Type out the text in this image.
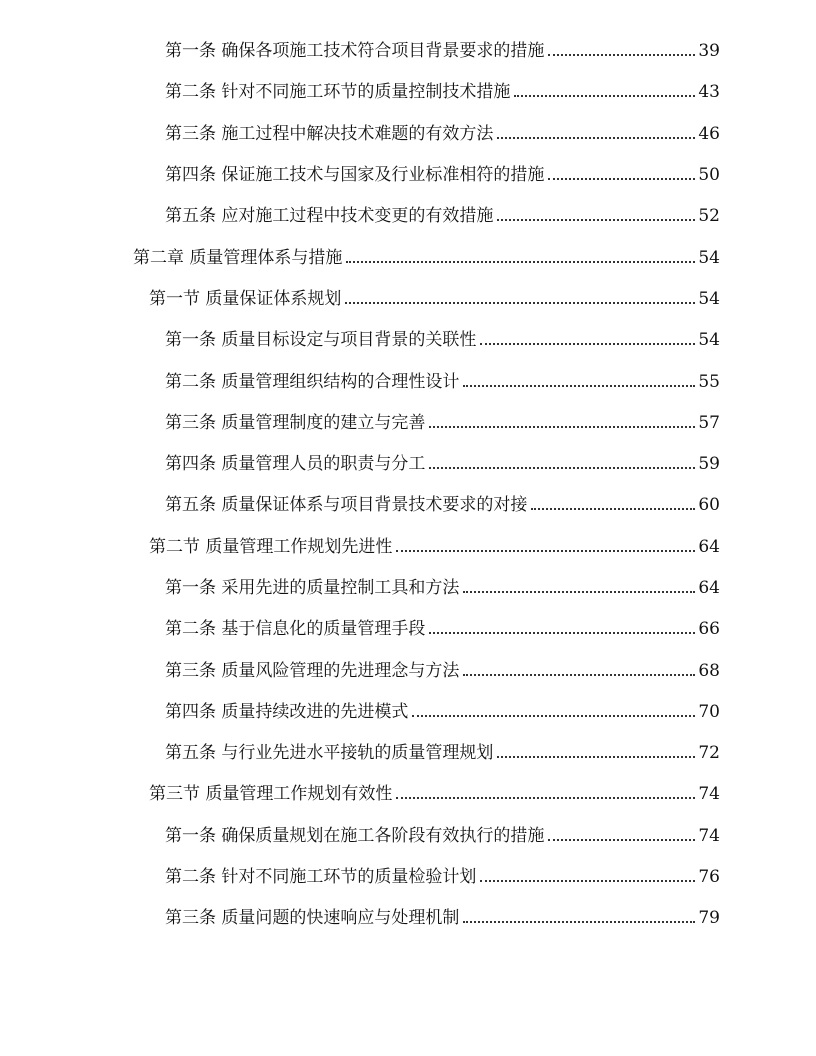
第一条 确保各项施工技术符合项目背景要求的措施	39
第二条 针对不同施工环节的质量控制技术措施	43
第三条 施工过程中解决技术难题的有效方法	46
第四条 保证施工技术与国家及行业标准相符的措施	50
第五条 应对施工过程中技术变更的有效措施	52
第二章 质量管理体系与措施	54
第一节 质量保证体系规划	54
第一条 质量目标设定与项目背景的关联性	54
第二条 质量管理组织结构的合理性设计	55
第三条 质量管理制度的建立与完善	57
第四条 质量管理人员的职责与分工	59
第五条 质量保证体系与项目背景技术要求的对接	60
第二节 质量管理工作规划先进性	64
第一条 采用先进的质量控制工具和方法	64
第二条 基于信息化的质量管理手段	66
第三条 质量风险管理的先进理念与方法	68
第四条 质量持续改进的先进模式	70
第五条 与行业先进水平接轨的质量管理规划	72
第三节 质量管理工作规划有效性	74
第一条 确保质量规划在施工各阶段有效执行的措施	74
第二条 针对不同施工环节的质量检验计划	76
第三条 质量问题的快速响应与处理机制	79
